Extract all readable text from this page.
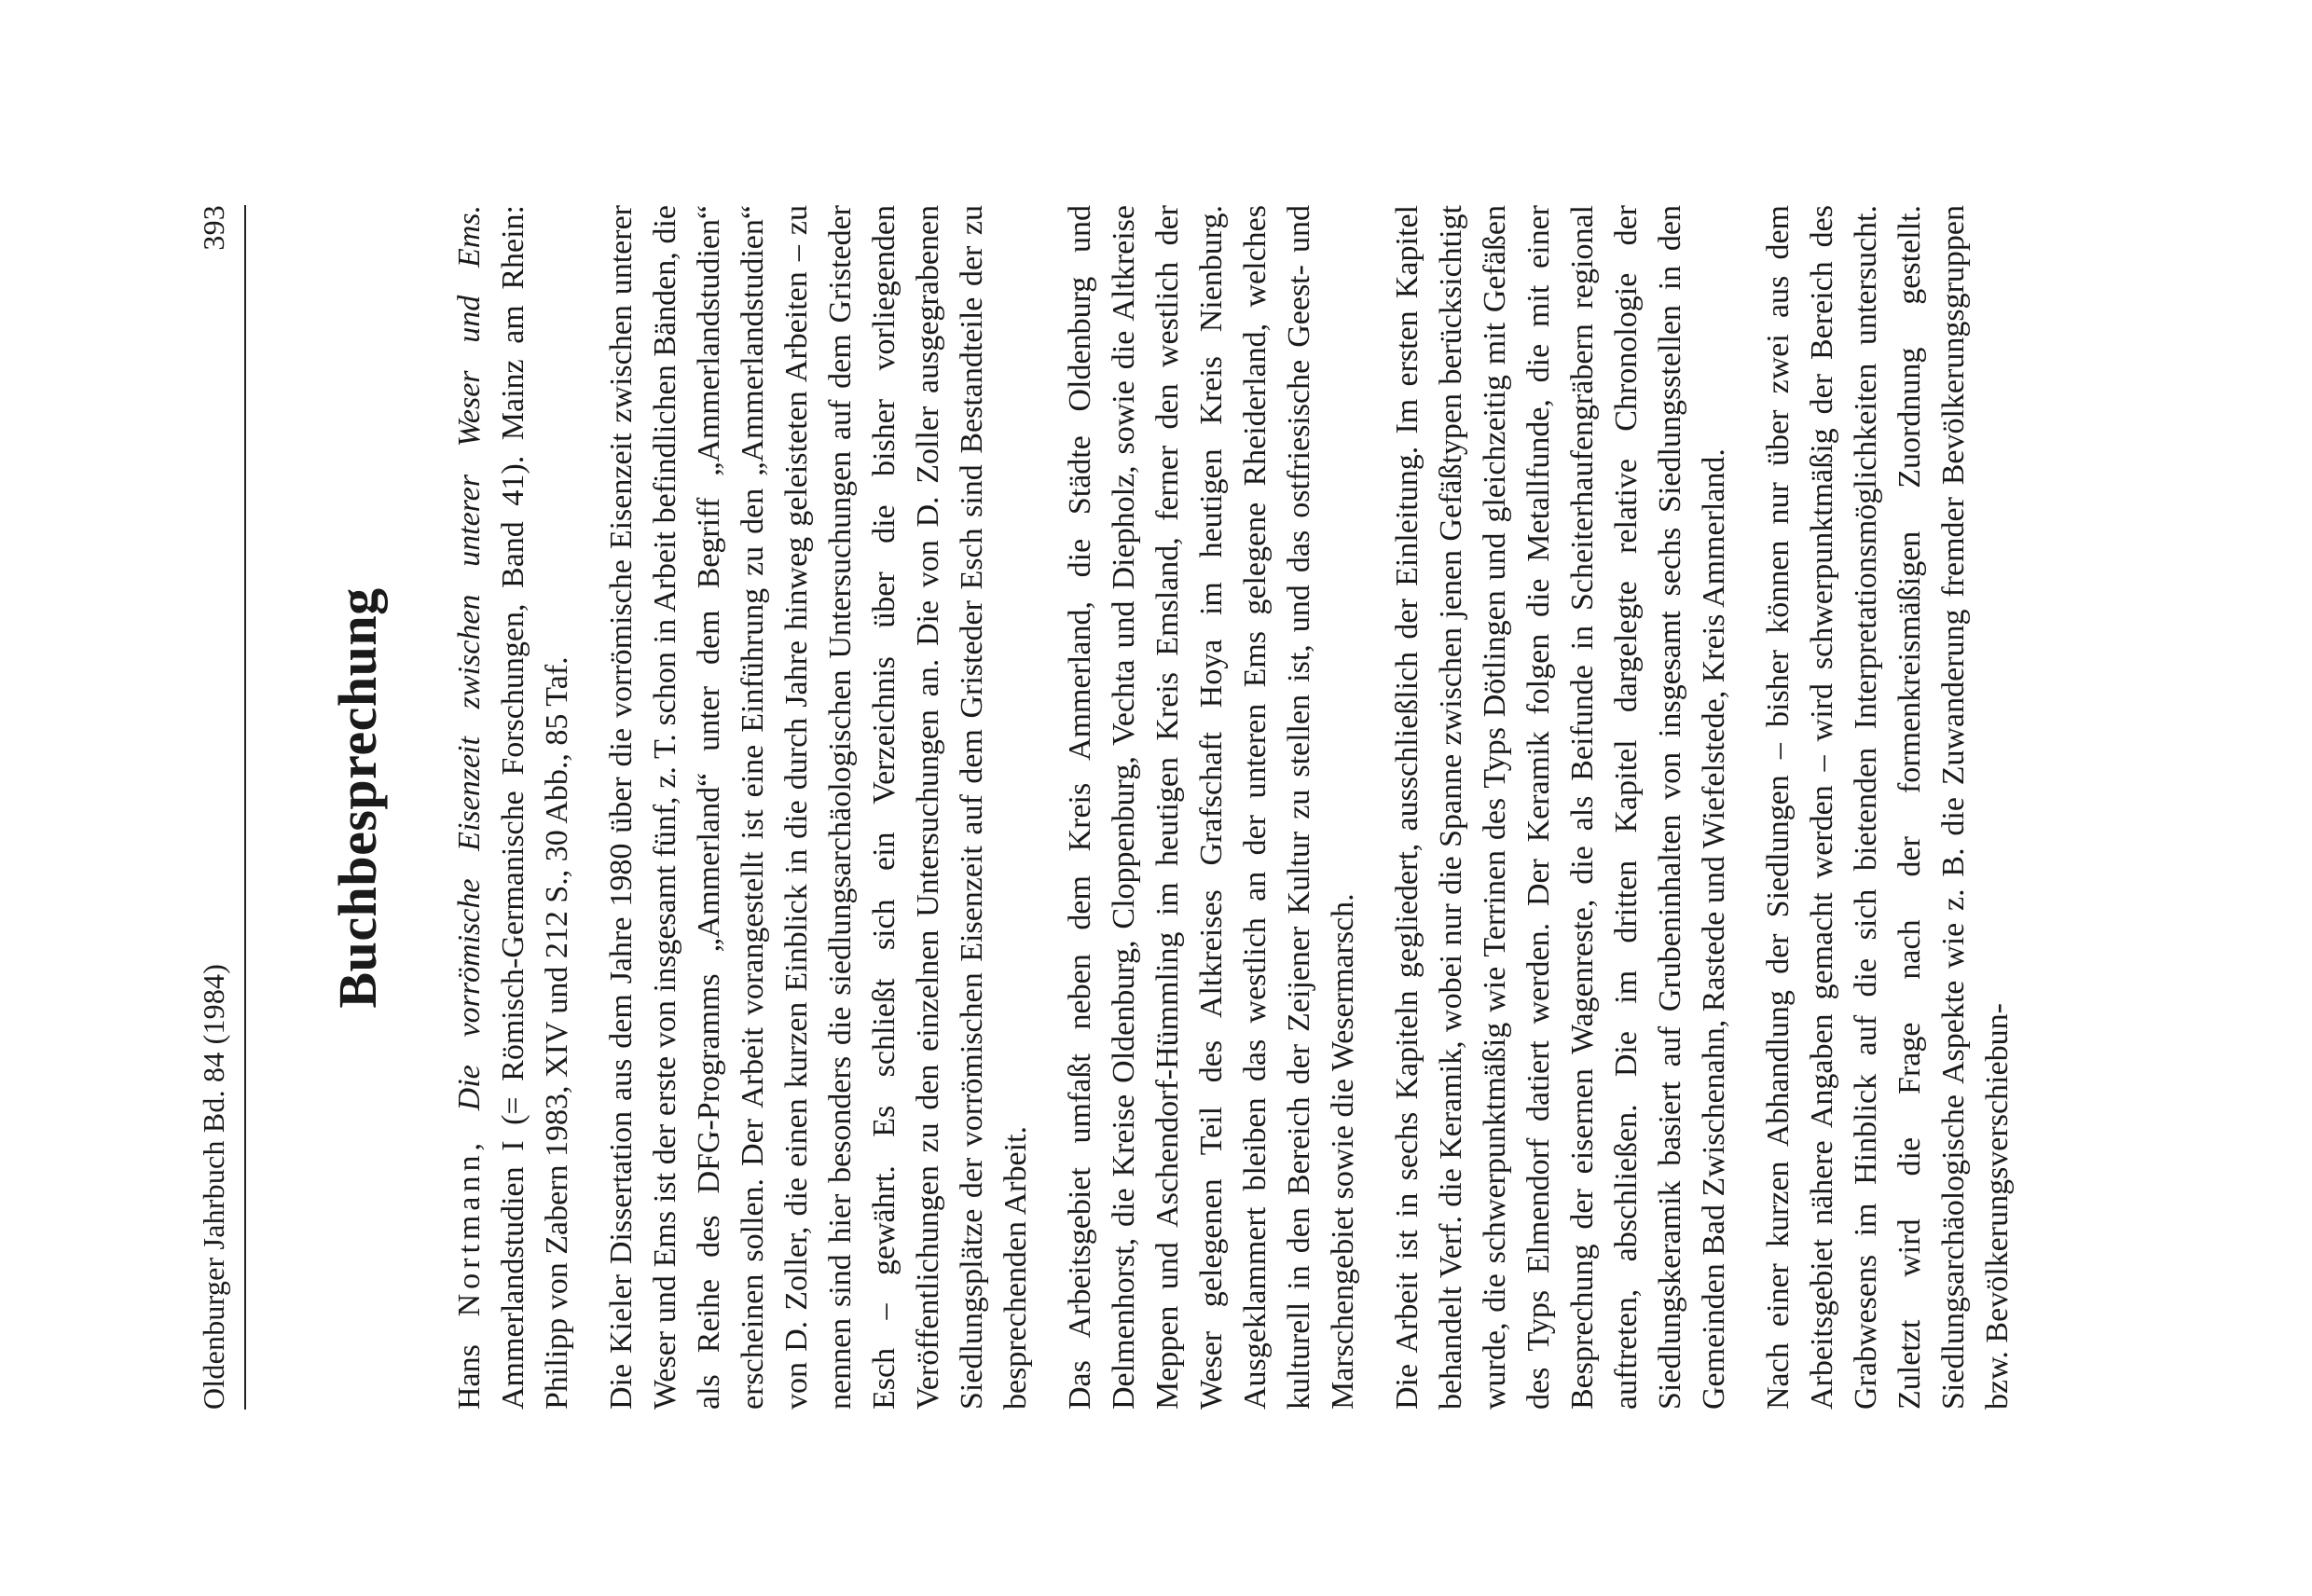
Oldenburger Jahrbuch Bd. 84 (1984)
393
Buchbesprechung

Hans Nortmann, Die vorrömische Eisenzeit zwischen unterer Weser und Ems. Ammerlandstudien I (= Römisch-Germanische Forschungen, Band 41). Mainz am Rhein: Philipp von Zabern 1983, XIV und 212 S., 30 Abb., 85 Taf. Die Kieler Dissertation aus dem Jahre 1980 über die vorrömische Eisenzeit zwischen unterer Weser und Ems ist der erste von insgesamt fünf, z. T. schon in Arbeit befindlichen Bänden, die als Reihe des DFG-Programms „Ammerland“ unter dem Begriff „Ammerlandstudien“ erscheinen sollen. Der Arbeit vorangestellt ist eine Einführung zu den „Ammerlandstudien“ von D. Zoller, die einen kurzen Einblick in die durch Jahre hinweg geleisteten Arbeiten – zu nennen sind hier besonders die siedlungsarchäologischen Untersuchungen auf dem Gristeder Esch – gewährt. Es schließt sich ein Verzeichnis über die bisher vorliegenden Veröffentlichungen zu den einzelnen Untersuchungen an. Die von D. Zoller ausgegrabenen Siedlungsplätze der vorrömischen Eisenzeit auf dem Gristeder Esch sind Bestandteile der zu besprechenden Arbeit. Das Arbeitsgebiet umfaßt neben dem Kreis Ammerland, die Städte Oldenburg und Delmenhorst, die Kreise Oldenburg, Cloppenburg, Vechta und Diepholz, sowie die Altkreise Meppen und Aschendorf-Hümmling im heutigen Kreis Emsland, ferner den westlich der Weser gelegenen Teil des Altkreises Grafschaft Hoya im heutigen Kreis Nienburg. Ausgeklammert bleiben das westlich an der unteren Ems gelegene Rheiderland, welches kulturell in den Bereich der Zeijener Kultur zu stellen ist, und das ostfriesische Geest- und Marschengebiet sowie die Wesermarsch. Die Arbeit ist in sechs Kapiteln gegliedert, ausschließlich der Einleitung. Im ersten Kapitel behandelt Verf. die Keramik, wobei nur die Spanne zwischen jenen Gefäßtypen berücksichtigt wurde, die schwerpunktmäßig wie Terrinen des Typs Dötlingen und gleichzeitig mit Gefäßen des Typs Elmendorf datiert werden. Der Keramik folgen die Metallfunde, die mit einer Besprechung der eisernen Wagenreste, die als Beifunde in Scheiterhaufengräbern regional auftreten, abschließen. Die im dritten Kapitel dargelegte relative Chronologie der Siedlungskeramik basiert auf Grubeninhalten von insgesamt sechs Siedlungsstellen in den Gemeinden Bad Zwischenahn, Rastede und Wiefelstede, Kreis Ammerland. Nach einer kurzen Abhandlung der Siedlungen – bisher können nur über zwei aus dem Arbeitsgebiet nähere Angaben gemacht werden – wird schwerpunktmäßig der Bereich des Grabwesens im Hinblick auf die sich bietenden Interpretationsmöglichkeiten untersucht. Zuletzt wird die Frage nach der formenkreismäßigen Zuordnung gestellt. Siedlungsarchäologische Aspekte wie z. B. die Zuwanderung fremder Bevölkerungsgruppen bzw. Bevölkerungsverschiebun-
